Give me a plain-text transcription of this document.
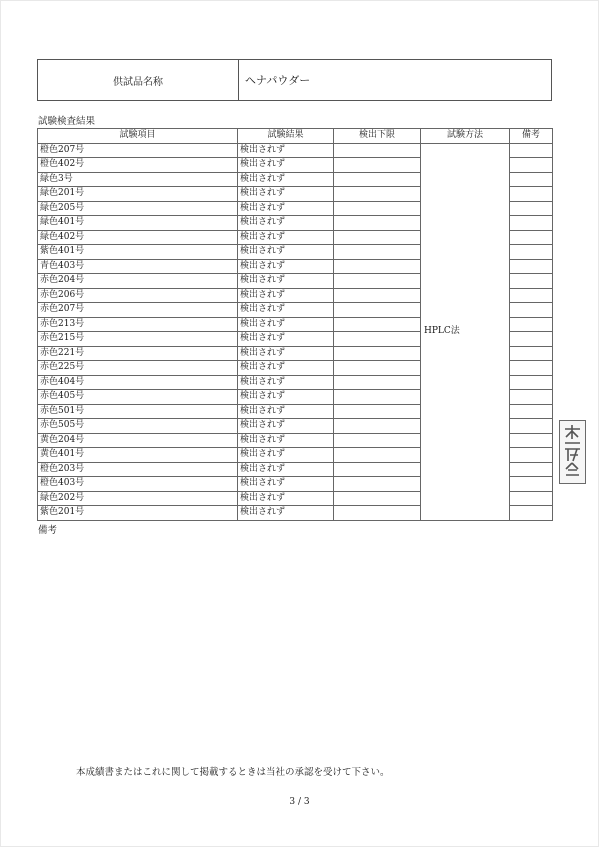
供試品名称	ヘナパウダー
試験検査結果
試験項目	試験結果	検出下限	試験方法	備考
橙色207号	検出されず		HPLC法	
橙色402号	検出されず			
緑色3号	検出されず			
緑色201号	検出されず			
緑色205号	検出されず			
緑色401号	検出されず			
緑色402号	検出されず			
紫色401号	検出されず			
青色403号	検出されず			
赤色204号	検出されず			
赤色206号	検出されず			
赤色207号	検出されず			
赤色213号	検出されず			
赤色215号	検出されず			
赤色221号	検出されず			
赤色225号	検出されず			
赤色404号	検出されず			
赤色405号	検出されず			
赤色501号	検出されず			
赤色505号	検出されず			
黄色204号	検出されず			
黄色401号	検出されず			
橙色203号	検出されず			
橙色403号	検出されず			
緑色202号	検出されず			
紫色201号	検出されず			
備考
本成績書またはこれに関して掲載するときは当社の承認を受けて下さい。
3 / 3
